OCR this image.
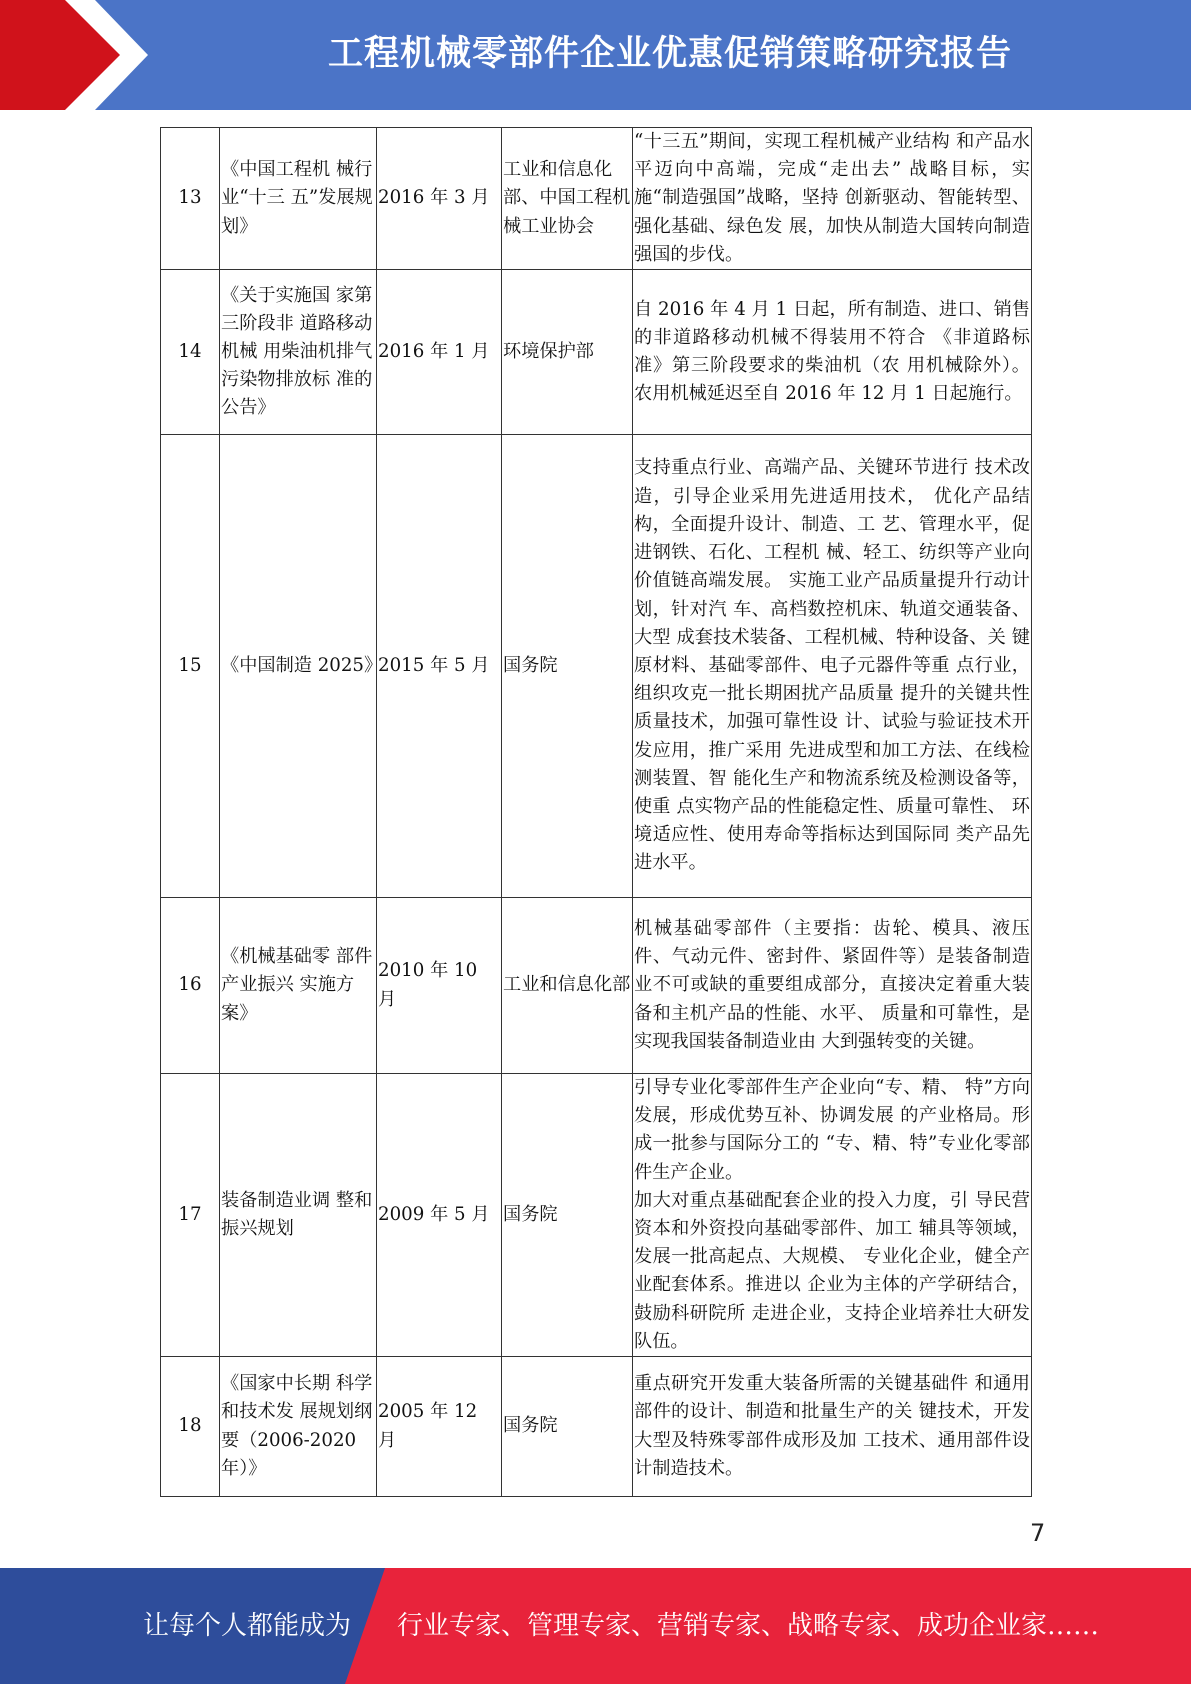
工程机械零部件企业优惠促销策略研究报告
13	《中国工程机 械行业“十三 五”发展规划》	2016 年 3 月	工业和信息化部、中国工程机械工业协会	“十三五”期间，实现工程机械产业结构 和产品水平迈向中高端，完成“走出去” 战略目标，实施“制造强国”战略，坚持 创新驱动、智能转型、强化基础、绿色发 展，加快从制造大国转向制造强国的步伐。
14	《关于实施国 家第三阶段非 道路移动机械 用柴油机排气 污染物排放标 准的公告》	2016 年 1 月	环境保护部	自 2016 年 4 月 1 日起，所有制造、进口、销售的非道路移动机械不得装用不符合 《非道路标准》第三阶段要求的柴油机（农 用机械除外）。农用机械延迟至自 2016 年 12 月 1 日起施行。
15	《中国制造 2025》	2015 年 5 月	国务院	支持重点行业、高端产品、关键环节进行 技术改造，引导企业采用先进适用技术， 优化产品结构，全面提升设计、制造、工 艺、管理水平，促进钢铁、石化、工程机 械、轻工、纺织等产业向价值链高端发展。 实施工业产品质量提升行动计划，针对汽 车、高档数控机床、轨道交通装备、大型 成套技术装备、工程机械、特种设备、关 键原材料、基础零部件、电子元器件等重 点行业，组织攻克一批长期困扰产品质量 提升的关键共性质量技术，加强可靠性设 计、试验与验证技术开发应用，推广采用 先进成型和加工方法、在线检测装置、智 能化生产和物流系统及检测设备等，使重 点实物产品的性能稳定性、质量可靠性、 环境适应性、使用寿命等指标达到国际同 类产品先进水平。
16	《机械基础零 部件产业振兴 实施方案》	2010 年 10 月	工业和信息化部	机械基础零部件（主要指：齿轮、模具、液压件、气动元件、密封件、紧固件等）是装备制造业不可或缺的重要组成部分，直接决定着重大装备和主机产品的性能、水平、 质量和可靠性，是实现我国装备制造业由 大到强转变的关键。
17	装备制造业调 整和振兴规划	2009 年 5 月	国务院	引导专业化零部件生产企业向“专、精、 特”方向发展，形成优势互补、协调发展 的产业格局。形成一批参与国际分工的 “专、精、特”专业化零部件生产企业。
加大对重点基础配套企业的投入力度，引 导民营资本和外资投向基础零部件、加工 辅具等领域，发展一批高起点、大规模、 专业化企业，健全产业配套体系。推进以 企业为主体的产学研结合，鼓励科研院所 走进企业，支持企业培养壮大研发队伍。

18	《国家中长期 科学和技术发 展规划纲要（2006-2020 年）》	2005 年 12 月	国务院	重点研究开发重大装备所需的关键基础件 和通用部件的设计、制造和批量生产的关 键技术，开发大型及特殊零部件成形及加 工技术、通用部件设计制造技术。
7
让每个人都能成为 行业专家、管理专家、营销专家、战略专家、成功企业家……
